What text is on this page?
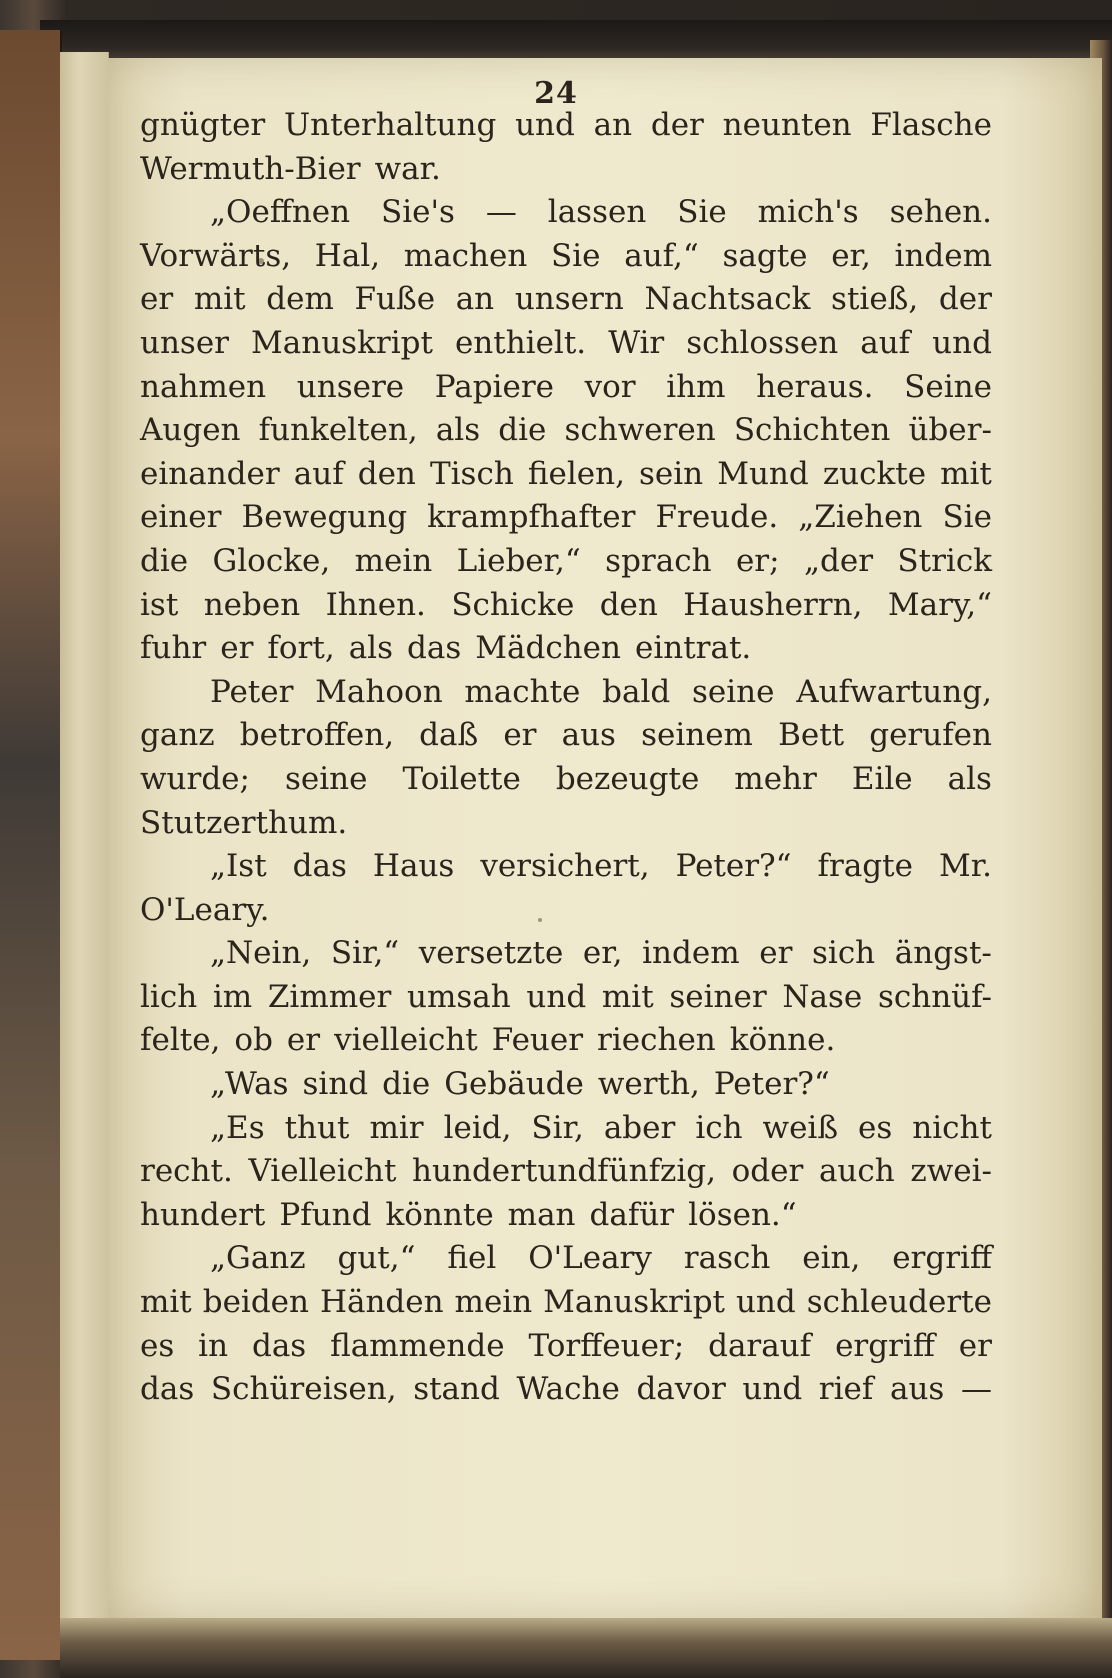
24
gnügter Unterhaltung und an der neunten Flasche
Wermuth-Bier war.
„Oeffnen Sie's — lassen Sie mich's sehen.
Vorwärts, Hal, machen Sie auf,“ sagte er, indem
er mit dem Fuße an unsern Nachtsack stieß, der
unser Manuskript enthielt. Wir schlossen auf und
nahmen unsere Papiere vor ihm heraus. Seine
Augen funkelten, als die schweren Schichten über-
einander auf den Tisch fielen, sein Mund zuckte mit
einer Bewegung krampfhafter Freude. „Ziehen Sie
die Glocke, mein Lieber,“ sprach er; „der Strick
ist neben Ihnen. Schicke den Hausherrn, Mary,“
fuhr er fort, als das Mädchen eintrat.
Peter Mahoon machte bald seine Aufwartung,
ganz betroffen, daß er aus seinem Bett gerufen
wurde; seine Toilette bezeugte mehr Eile als
Stutzerthum.
„Ist das Haus versichert, Peter?“ fragte Mr.
O'Leary.
„Nein, Sir,“ versetzte er, indem er sich ängst-
lich im Zimmer umsah und mit seiner Nase schnüf-
felte, ob er vielleicht Feuer riechen könne.
„Was sind die Gebäude werth, Peter?“
„Es thut mir leid, Sir, aber ich weiß es nicht
recht. Vielleicht hundertundfünfzig, oder auch zwei-
hundert Pfund könnte man dafür lösen.“
„Ganz gut,“ fiel O'Leary rasch ein, ergriff
mit beiden Händen mein Manuskript und schleuderte
es in das flammende Torffeuer; darauf ergriff er
das Schüreisen, stand Wache davor und rief aus —
